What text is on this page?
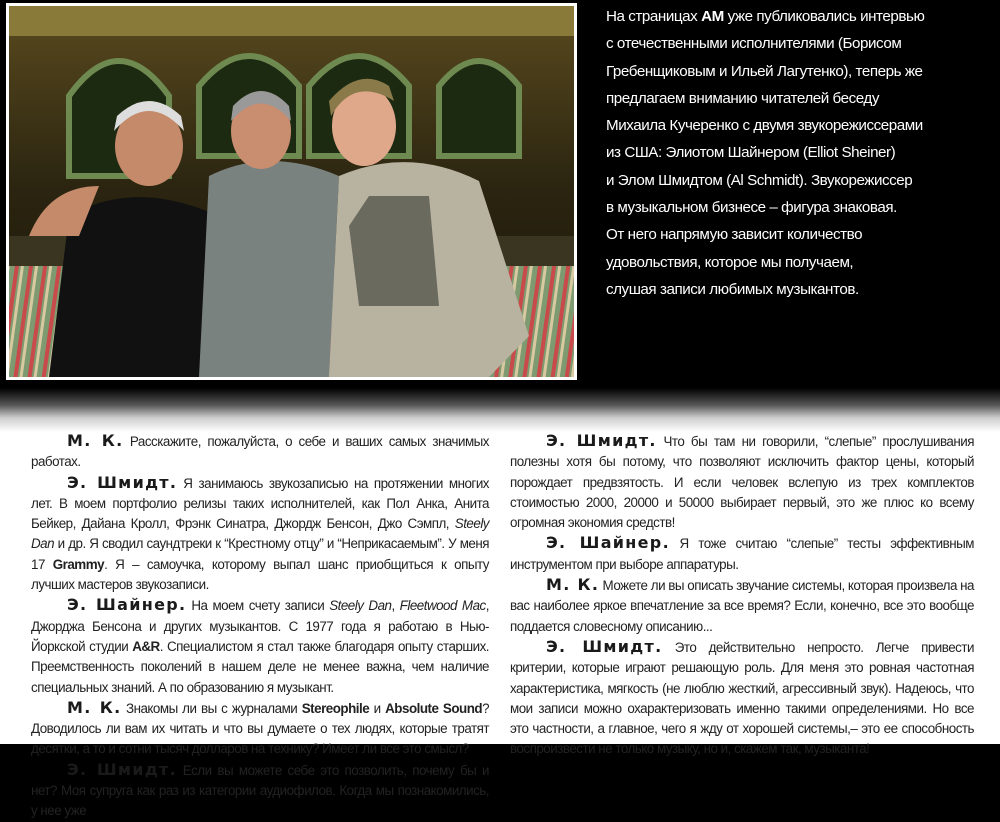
На страницах AM уже публиковались интервью
с отечественными исполнителями (Борисом
Гребенщиковым и Ильей Лагутенко), теперь же
предлагаем вниманию читателей беседу
Михаила Кучеренко с двумя звукорежиссерами
из США: Элиотом Шайнером (Elliot Sheiner)
и Элом Шмидтом (Al Schmidt). Звукорежиссер
в музыкальном бизнесе – фигура знаковая.
От него напрямую зависит количество
удовольствия, которое мы получаем,
слушая записи любимых музыкантов.

М. К. Расскажите, пожалуйста, о себе и ваших самых значимых работах.

Э. Шмидт. Я занимаюсь звукозаписью на протяжении многих лет. В моем портфолио релизы таких исполнителей, как Пол Анка, Анита Бейкер, Дайана Кролл, Фрэнк Синатра, Джордж Бенсон, Джо Сэмпл, Steely Dan и др. Я сводил саундтреки к “Крестному отцу” и “Неприкасаемым”. У меня 17 Grammy. Я – самоучка, которому выпал шанс приобщиться к опыту лучших мастеров звукозаписи.

Э. Шайнер. На моем счету записи Steely Dan, Fleetwood Mac, Джорджа Бенсона и других музыкантов. С 1977 года я работаю в Нью-Йоркской студии A&R. Специалистом я стал также благодаря опыту старших. Преемственность поколений в нашем деле не менее важна, чем наличие специальных знаний. А по образованию я музыкант.

М. К. Знакомы ли вы с журналами Stereophile и Absolute Sound? Доводилось ли вам их читать и что вы думаете о тех людях, которые тратят десятки, а то и сотни тысяч долларов на технику? Имеет ли все это смысл?

Э. Шмидт. Если вы можете себе это позволить, почему бы и нет? Моя супруга как раз из категории аудиофилов. Когда мы познакомились, у нее уже

Э. Шмидт. Что бы там ни говорили, “слепые” прослушивания полезны хотя бы потому, что позволяют исключить фактор цены, который порождает предвзятость. И если человек вслепую из трех комплектов стоимостью 2000, 20000 и 50000 выбирает первый, это же плюс ко всему огромная экономия средств!

Э. Шайнер. Я тоже считаю “слепые” тесты эффективным инструментом при выборе аппаратуры.

М. К. Можете ли вы описать звучание системы, которая произвела на вас наиболее яркое впечатление за все время? Если, конечно, все это вообще поддается словесному описанию...

Э. Шмидт. Это действительно непросто. Легче привести критерии, которые играют решающую роль. Для меня это ровная частотная характеристика, мягкость (не люблю жесткий, агрессивный звук). Надеюсь, что мои записи можно охарактеризовать именно такими определениями. Но все это частности, а главное, чего я жду от хорошей системы,– это ее способность воспроизвести не только музыку, но и, скажем так, музыканта!
